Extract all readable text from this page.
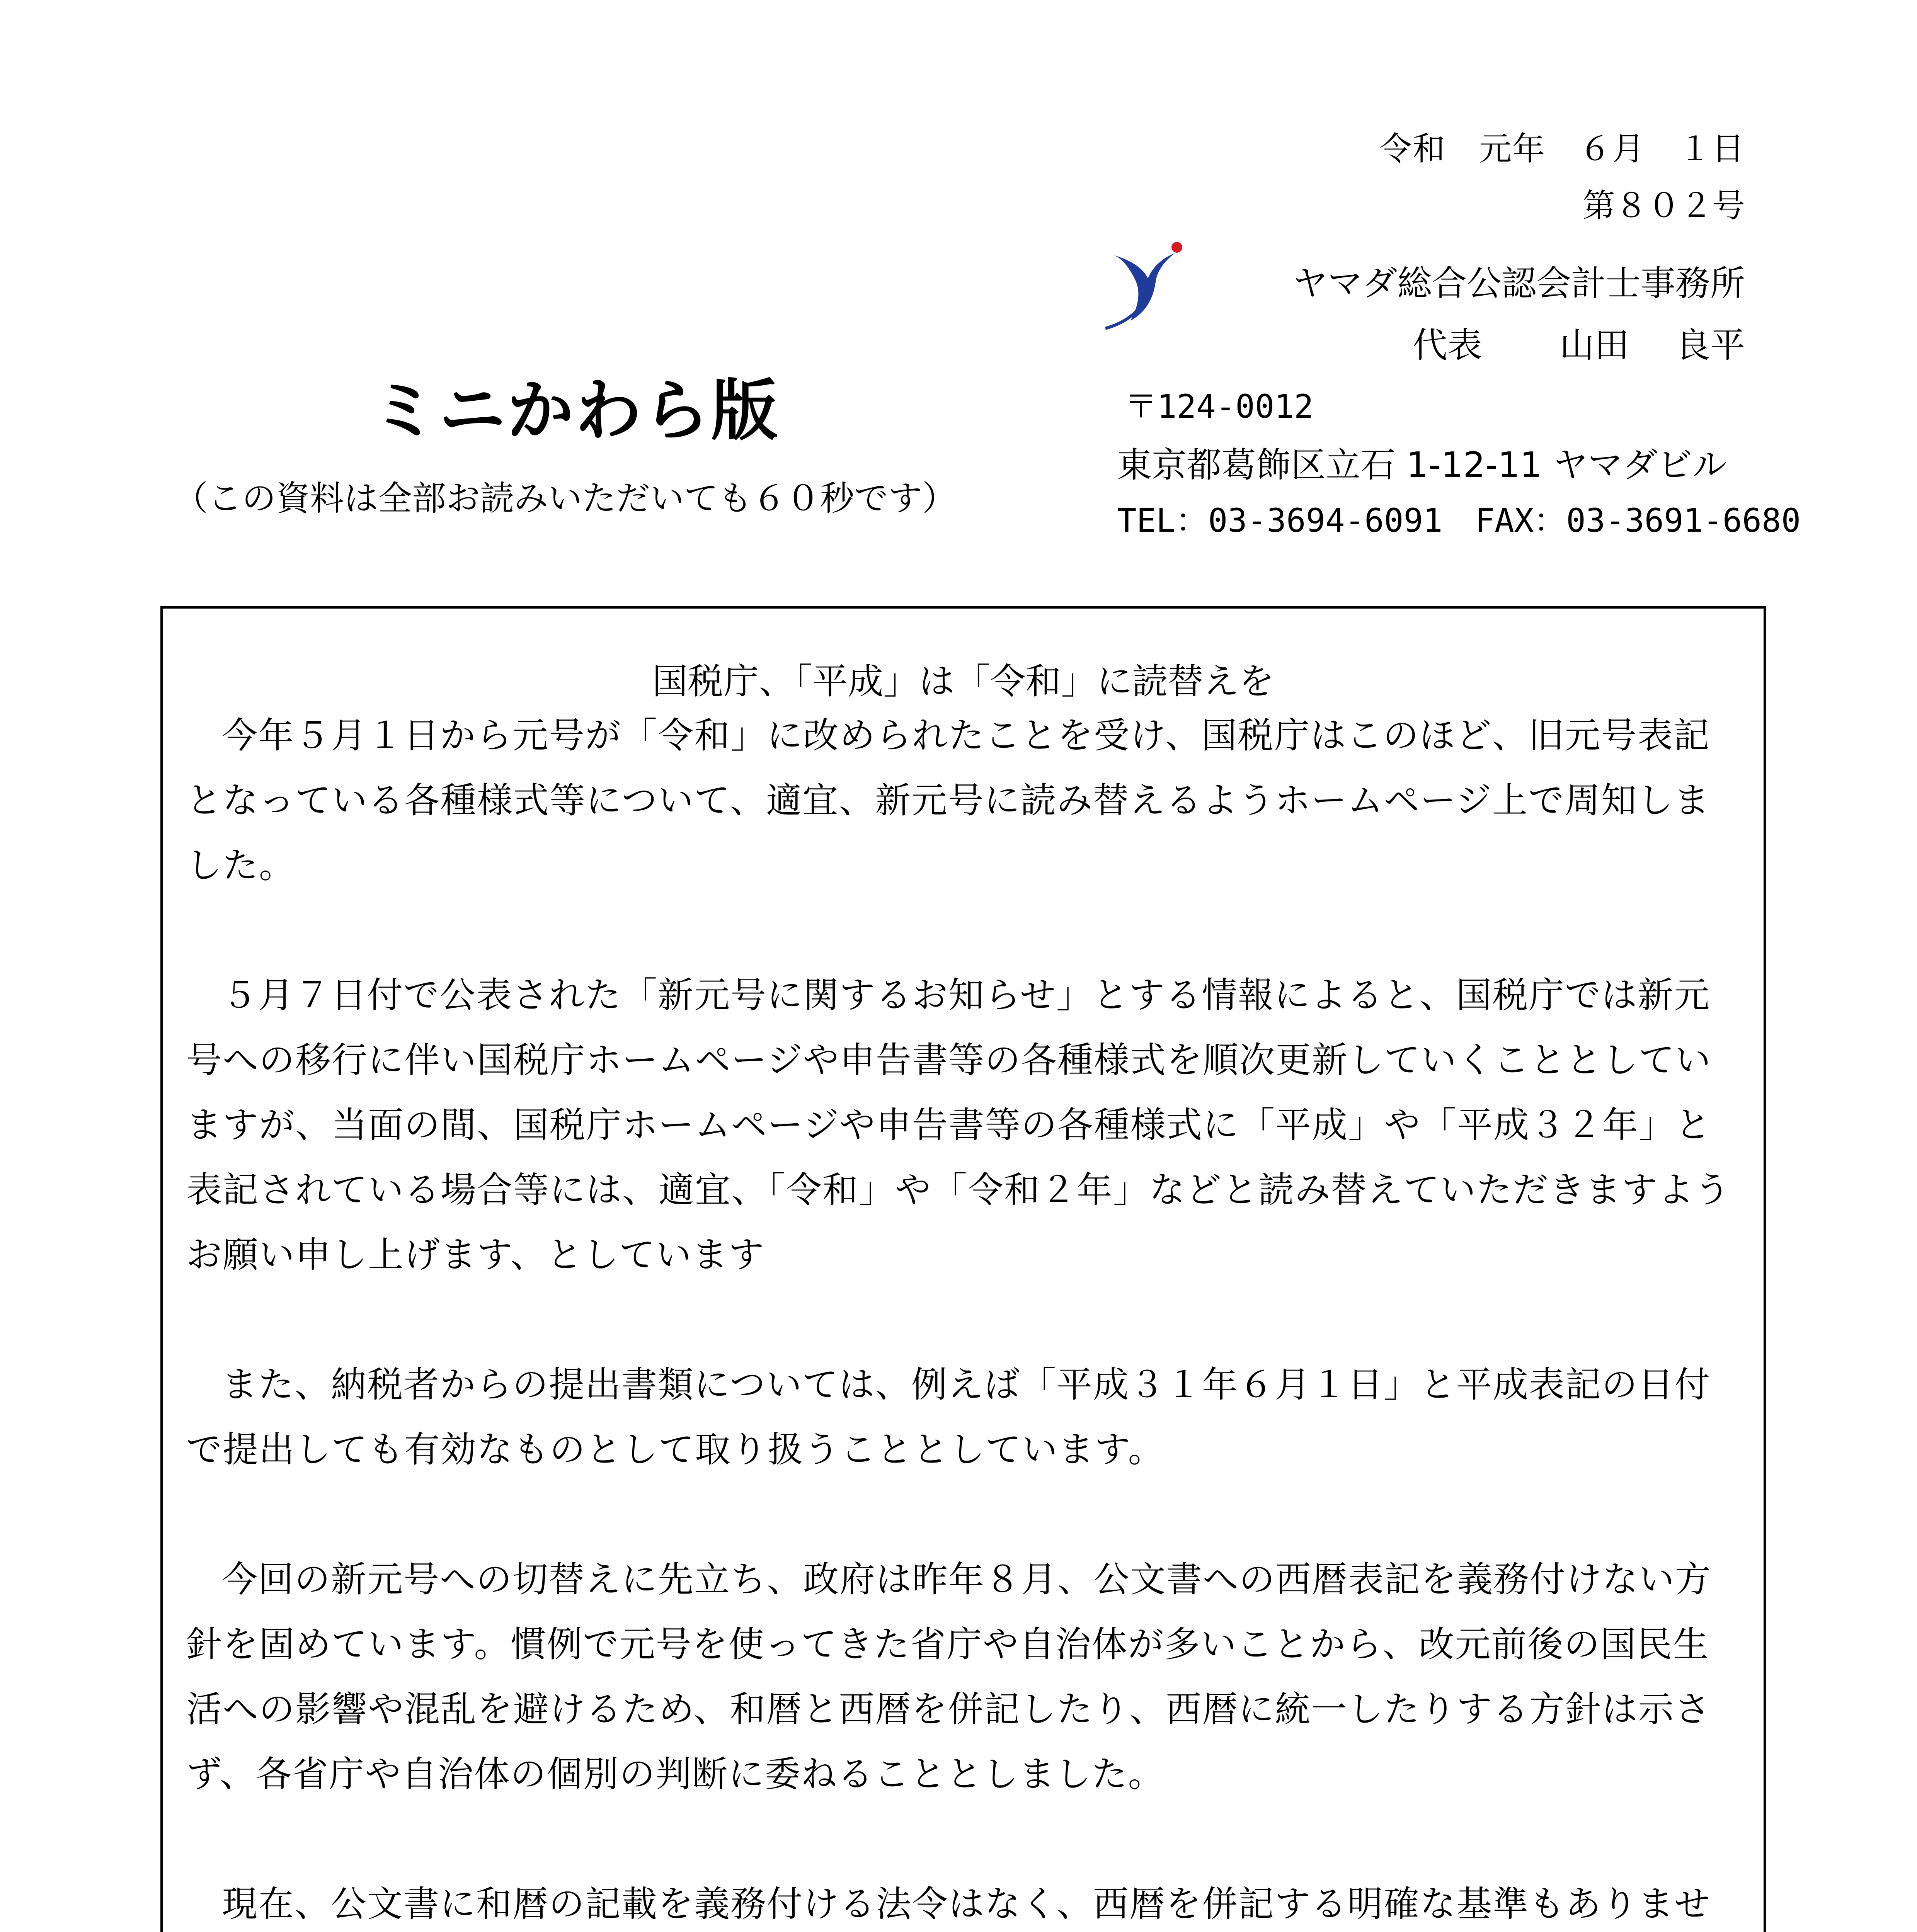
令和　元年　６月　１日
第８０２号
ヤマダ総合公認会計士事務所
代表 山田 良平
ミニかわら版
（この資料は全部お読みいただいても６０秒です）
〒124-0012
東京都葛飾区立石 1-12-11 ヤマダビル
TEL：03-3694-6091　FAX：03-3691-6680
国税庁、「平成」は「令和」に読替えを

今年５月１日から元号が「令和」に改められたことを受け、国税庁はこのほど、旧元号表記となっている各種様式等について、適宜、新元号に読み替えるようホームページ上で周知しました。

５月７日付で公表された「新元号に関するお知らせ」とする情報によると、国税庁では新元号への移行に伴い国税庁ホームページや申告書等の各種様式を順次更新していくこととしていますが、当面の間、国税庁ホームページや申告書等の各種様式に「平成」や「平成３２年」と表記されている場合等には、適宜、「令和」や「令和２年」などと読み替えていただきますようお願い申し上げます、としています

また、納税者からの提出書類については、例えば「平成３１年６月１日」と平成表記の日付で提出しても有効なものとして取り扱うこととしています。

今回の新元号への切替えに先立ち、政府は昨年８月、公文書への西暦表記を義務付けない方針を固めています。慣例で元号を使ってきた省庁や自治体が多いことから、改元前後の国民生活への影響や混乱を避けるため、和暦と西暦を併記したり、西暦に統一したりする方針は示さず、各省庁や自治体の個別の判断に委ねることとしました。

現在、公文書に和暦の記載を義務付ける法令はなく、西暦を併記する明確な基準もありませ
